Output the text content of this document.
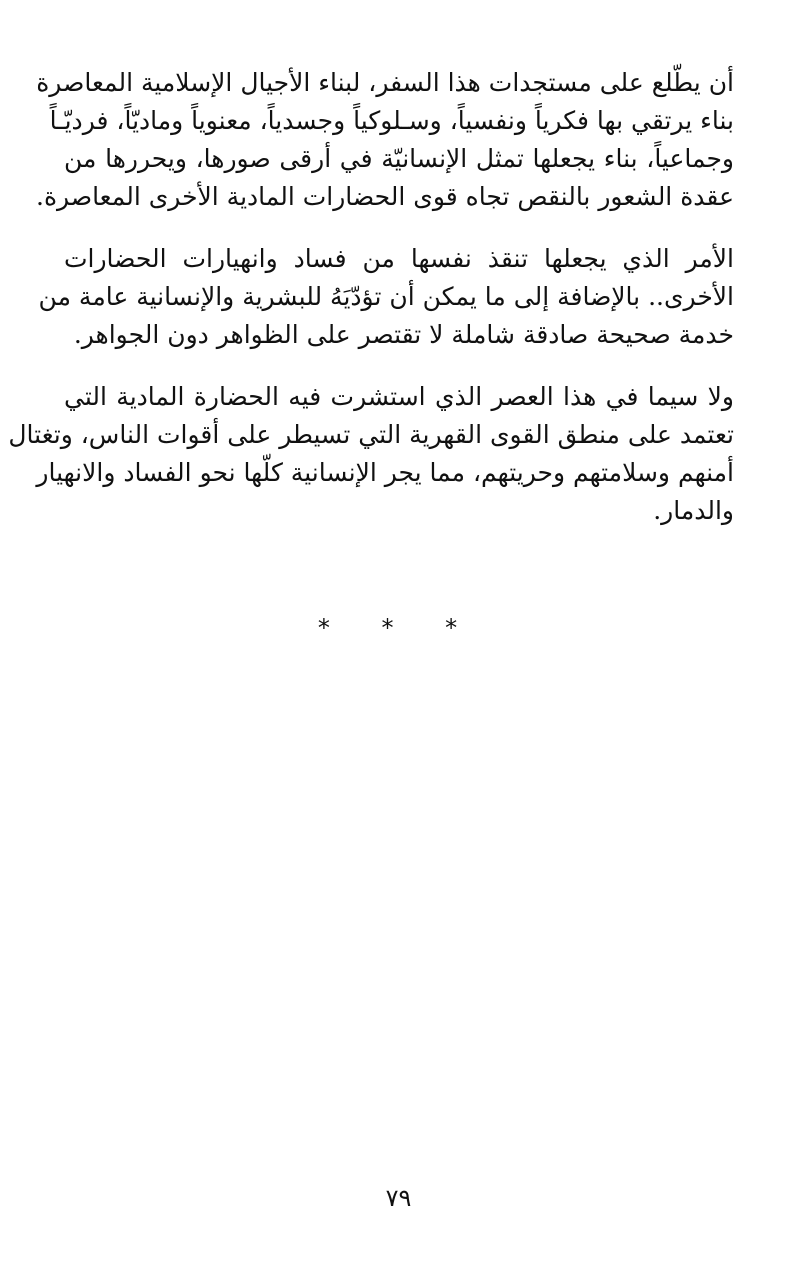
أن يطّلع على مستجدات هذا السفر، لبناء الأجيال الإسلامية المعاصرة
بناء يرتقي بها فكرياً ونفسياً، وسـلوكياً وجسدياً، معنوياً وماديّاً، فرديّـاً
وجماعياً، بناء يجعلها تمثل الإنسانيّة في أرقى صورها، ويحررها من
عقدة الشعور بالنقص تجاه قوى الحضارات المادية الأخرى المعاصرة.

الأمر الذي يجعلها تنقذ نفسها من فساد وانهيارات الحضارات
الأخرى.. بالإضافة إلى ما يمكن أن تؤدّيَهُ للبشرية والإنسانية عامة من
خدمة صحيحة صادقة شاملة لا تقتصر على الظواهر دون الجواهر.

ولا سيما في هذا العصر الذي استشرت فيه الحضارة المادية التي
تعتمد على منطق القوى القهرية التي تسيطر على أقوات الناس، وتغتال
أمنهم وسلامتهم وحريتهم، مما يجر الإنسانية كلّها نحو الفساد والانهيار
والدمار.

* * *
٧٩
